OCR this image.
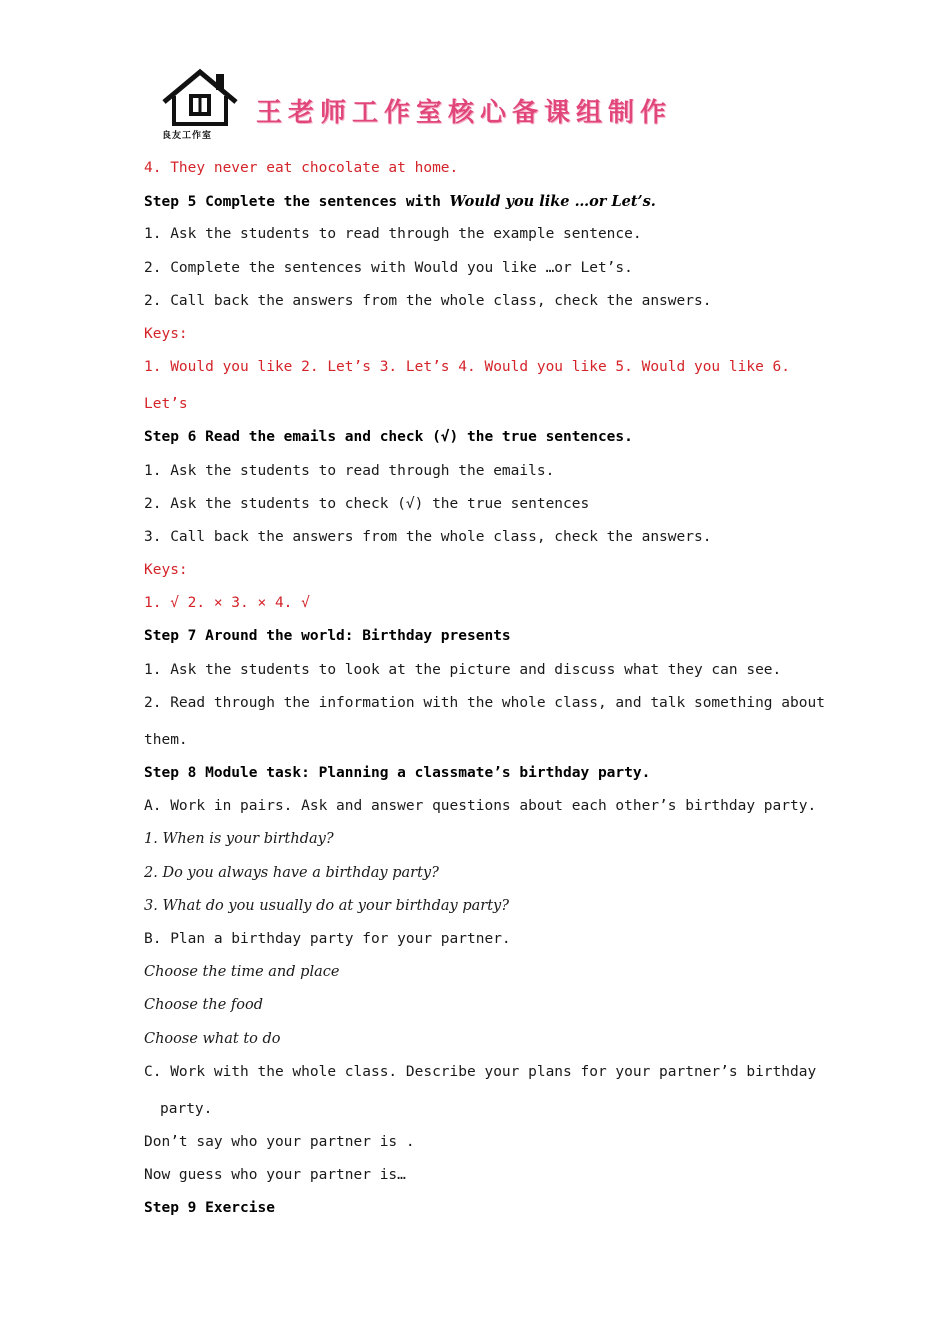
良友工作室
王老师工作室核心备课组制作
4. They never eat chocolate at home.
Step 5 Complete the sentences with Would you like …or Let’s.
1. Ask the students to read through the example sentence.
2. Complete the sentences with Would you like …or Let’s.
2. Call back the answers from the whole class, check the answers.
Keys:
1. Would you like 2. Let’s 3. Let’s 4. Would you like 5. Would you like 6.
Let’s
Step 6 Read the emails and check (√) the true sentences.
1. Ask the students to read through the emails.
2. Ask the students to check (√) the true sentences
3. Call back the answers from the whole class, check the answers.
Keys:
1. √ 2. × 3. × 4. √
Step 7 Around the world: Birthday presents
1. Ask the students to look at the picture and discuss what they can see.
2. Read through the information with the whole class, and talk something about
them.
Step 8 Module task: Planning a classmate’s birthday party.
A. Work in pairs. Ask and answer questions about each other’s birthday party.
1. When is your birthday?
2. Do you always have a birthday party?
3. What do you usually do at your birthday party?
B. Plan a birthday party for your partner.
Choose the time and place
Choose the food
Choose what to do
C. Work with the whole class. Describe your plans for your partner’s birthday
party.
Don’t say who your partner is .
Now guess who your partner is…
Step 9 Exercise
